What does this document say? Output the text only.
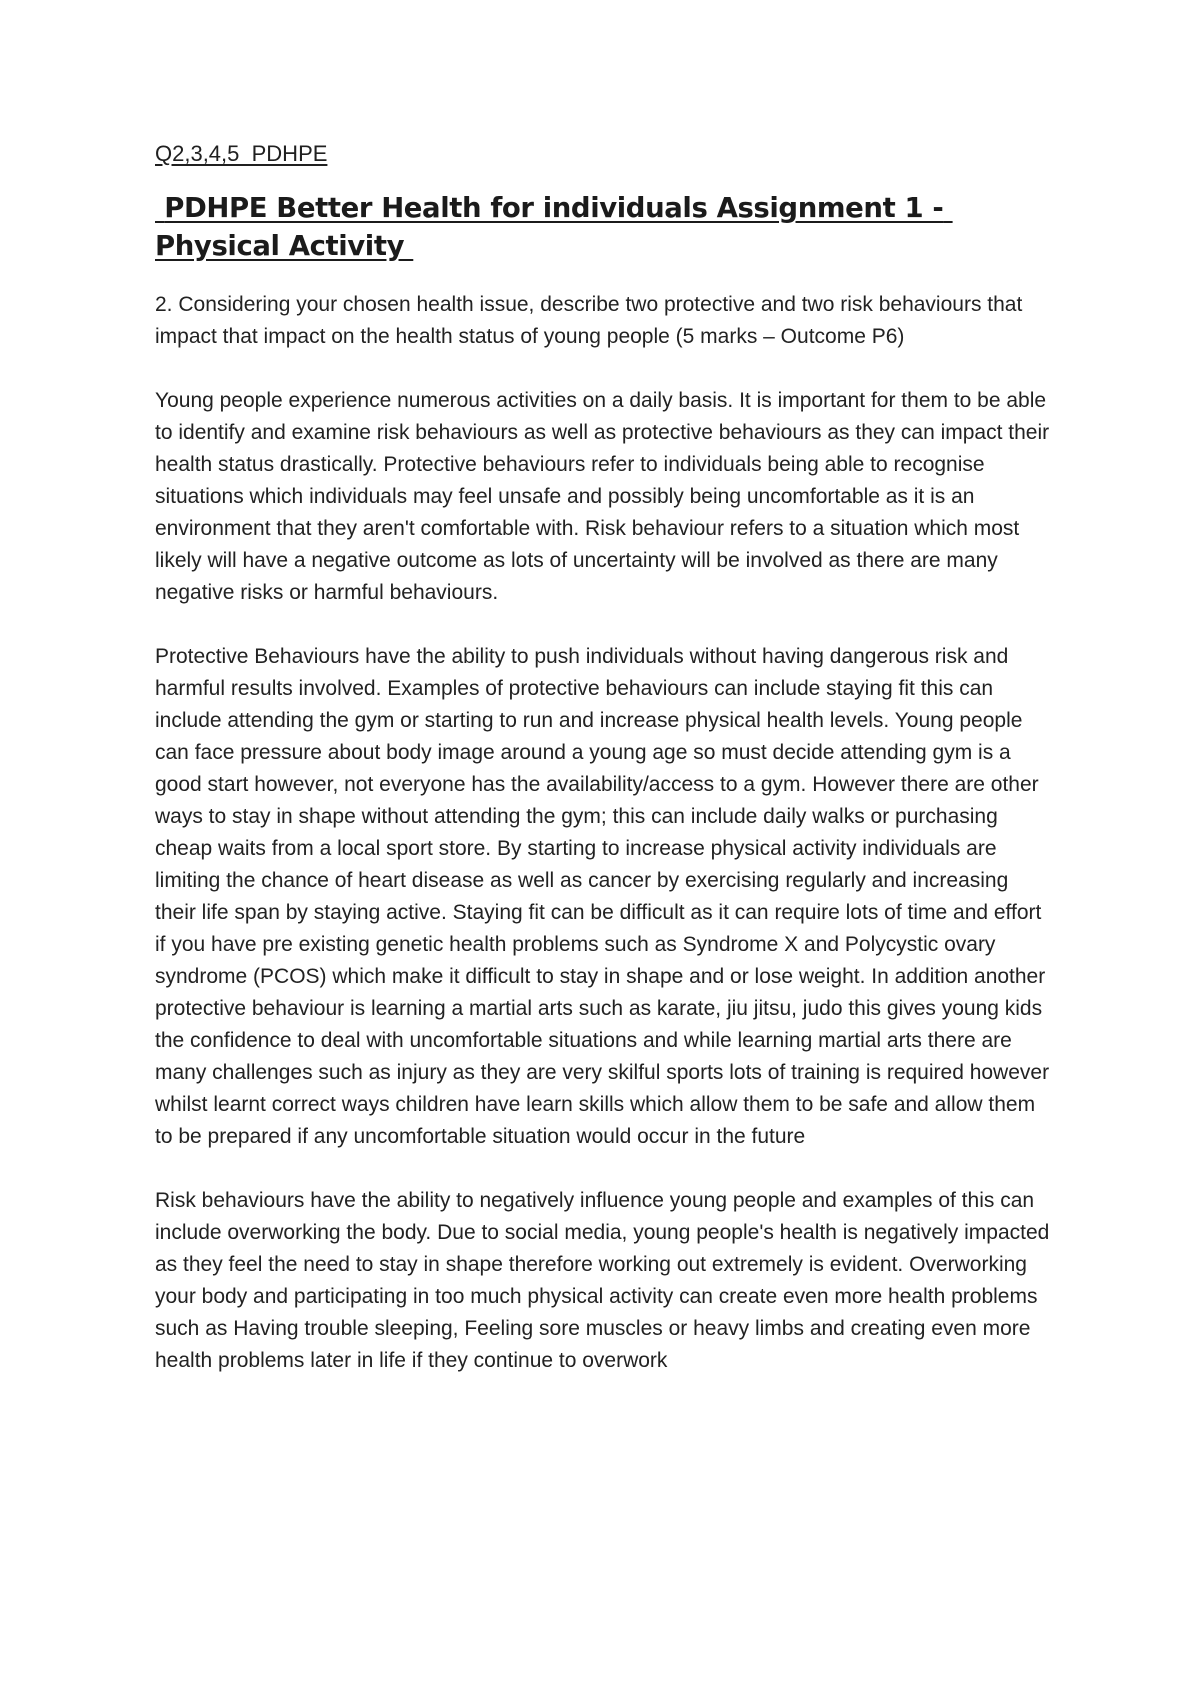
Q2,3,4,5  PDHPE
PDHPE Better Health for individuals Assignment 1 - Physical Activity

2. Considering your chosen health issue, describe two protective and two risk behaviours that impact that impact on the health status of young people (5 marks – Outcome P6)

Young people experience numerous activities on a daily basis. It is important for them to be able to identify and examine risk behaviours as well as protective behaviours as they can impact their health status drastically. Protective behaviours refer to individuals being able to recognise situations which individuals may feel unsafe and possibly being uncomfortable as it is an environment that they aren't comfortable with. Risk behaviour refers to a situation which most likely will have a negative outcome as lots of uncertainty will be involved as there are many negative risks or harmful behaviours.

Protective Behaviours have the ability to push individuals without having dangerous risk and harmful results involved. Examples of protective behaviours can include staying fit this can include attending the gym or starting to run and increase physical health levels. Young people can face pressure about body image around a young age so must decide attending gym is a good start however, not everyone has the availability/access to a gym. However there are other ways to stay in shape without attending the gym; this can include daily walks or purchasing cheap waits from a local sport store. By starting to increase physical activity individuals are limiting the chance of heart disease as well as cancer by exercising regularly and increasing their life span by staying active. Staying fit can be difficult as it can require lots of time and effort if you have pre existing genetic health problems such as Syndrome X and Polycystic ovary syndrome (PCOS) which make it difficult to stay in shape and or lose weight. In addition another protective behaviour is learning a martial arts such as karate, jiu jitsu, judo this gives young kids the confidence to deal with uncomfortable situations and while learning martial arts there are many challenges such as injury as they are very skilful sports lots of training is required however whilst learnt correct ways children have learn skills which allow them to be safe and allow them to be prepared if any uncomfortable situation would occur in the future

Risk behaviours have the ability to negatively influence young people and examples of this can include overworking the body. Due to social media, young people's health is negatively impacted as they feel the need to stay in shape therefore working out extremely is evident. Overworking your body and participating in too much physical activity can create even more health problems such as Having trouble sleeping, Feeling sore muscles or heavy limbs and creating even more health problems later in life if they continue to overwork
